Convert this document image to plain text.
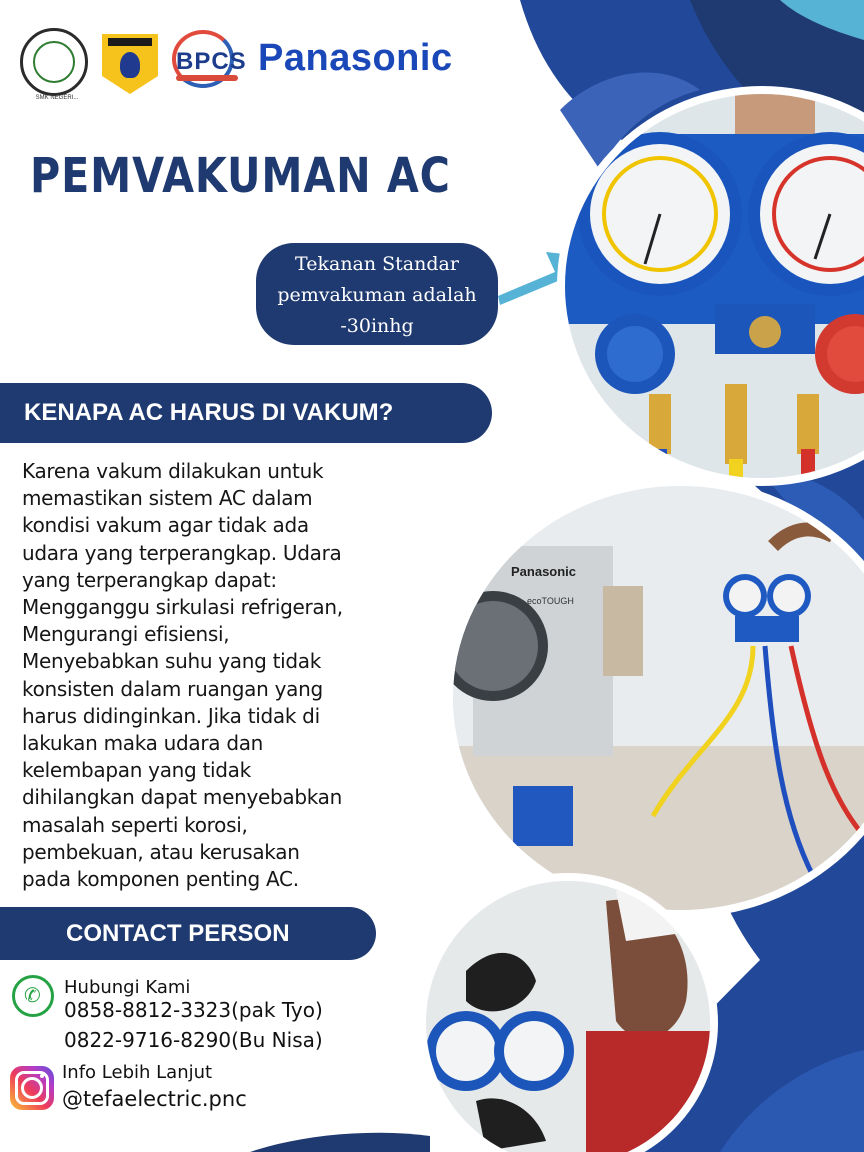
SMK NEGERI...
BPCS Panasonic
PEMVAKUMAN AC
Tekanan Standar
pemvakuman adalah
-30inhg
KENAPA AC HARUS DI VAKUM?
Panasonic
ecoTOUGH
Karena vakum dilakukan untuk
memastikan sistem AC dalam
kondisi vakum agar tidak ada
udara yang terperangkap. Udara
yang terperangkap dapat:
Mengganggu sirkulasi refrigeran,
Mengurangi efisiensi,
Menyebabkan suhu yang tidak
konsisten dalam ruangan yang
harus didinginkan. Jika tidak di
lakukan maka udara dan
kelembapan yang tidak
dihilangkan dapat menyebabkan
masalah seperti korosi,
pembekuan, atau kerusakan
pada komponen penting AC.
CONTACT PERSON
✆ Hubungi Kami
0858-8812-3323(pak Tyo)
0822-9716-8290(Bu Nisa)
Info Lebih Lanjut
@tefaelectric.pnc
